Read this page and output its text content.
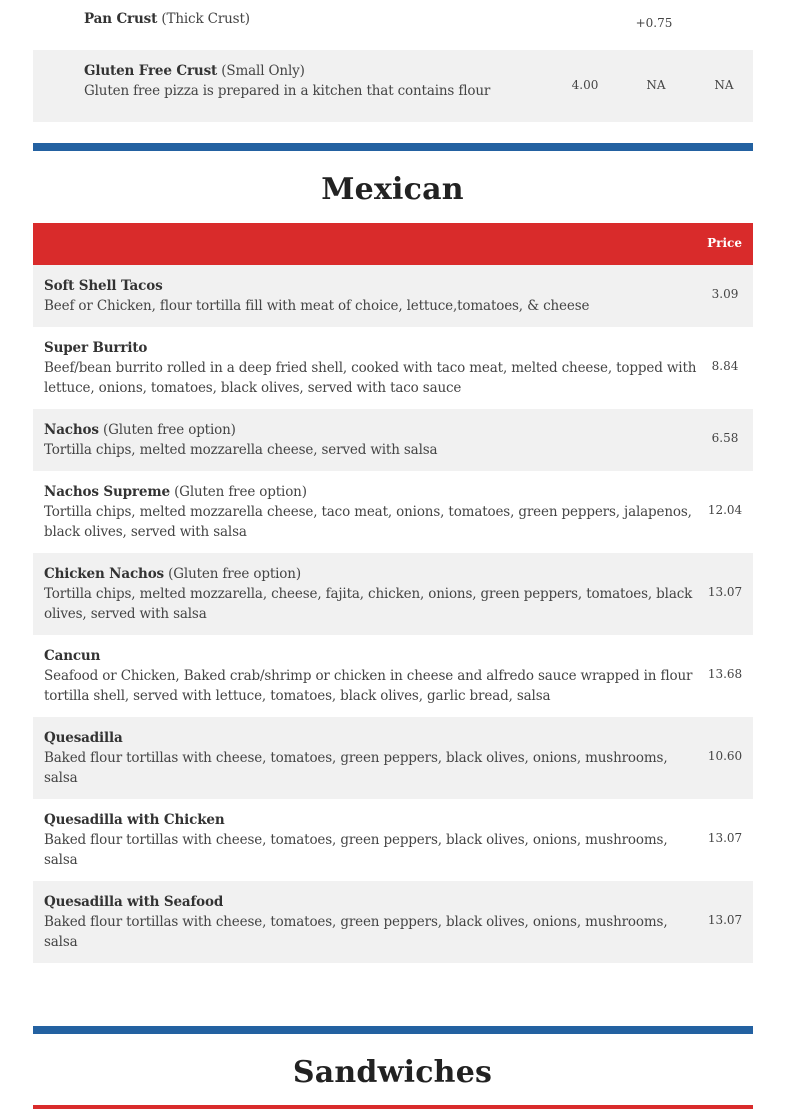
Pan Crust (Thick Crust)	+0.75
Gluten Free Crust (Small Only)
Gluten free pizza is prepared in a kitchen that contains flour	4.00	NA	NA
Mexican
Price
Soft Shell Tacos
Beef or Chicken, flour tortilla fill with meat of choice, lettuce,tomatoes, & cheese
3.09
Super Burrito
Beef/bean burrito rolled in a deep fried shell, cooked with taco meat, melted cheese, topped with
lettuce, onions, tomatoes, black olives, served with taco sauce
8.84
Nachos (Gluten free option)
Tortilla chips, melted mozzarella cheese, served with salsa
6.58
Nachos Supreme (Gluten free option)
Tortilla chips, melted mozzarella cheese, taco meat, onions, tomatoes, green peppers, jalapenos,
black olives, served with salsa
12.04
Chicken Nachos (Gluten free option)
Tortilla chips, melted mozzarella, cheese, fajita, chicken, onions, green peppers, tomatoes, black
olives, served with salsa
13.07
Cancun
Seafood or Chicken, Baked crab/shrimp or chicken in cheese and alfredo sauce wrapped in flour
tortilla shell, served with lettuce, tomatoes, black olives, garlic bread, salsa
13.68
Quesadilla
Baked flour tortillas with cheese, tomatoes, green peppers, black olives, onions, mushrooms,
salsa
10.60
Quesadilla with Chicken
Baked flour tortillas with cheese, tomatoes, green peppers, black olives, onions, mushrooms,
salsa
13.07
Quesadilla with Seafood
Baked flour tortillas with cheese, tomatoes, green peppers, black olives, onions, mushrooms,
salsa
13.07
Sandwiches
